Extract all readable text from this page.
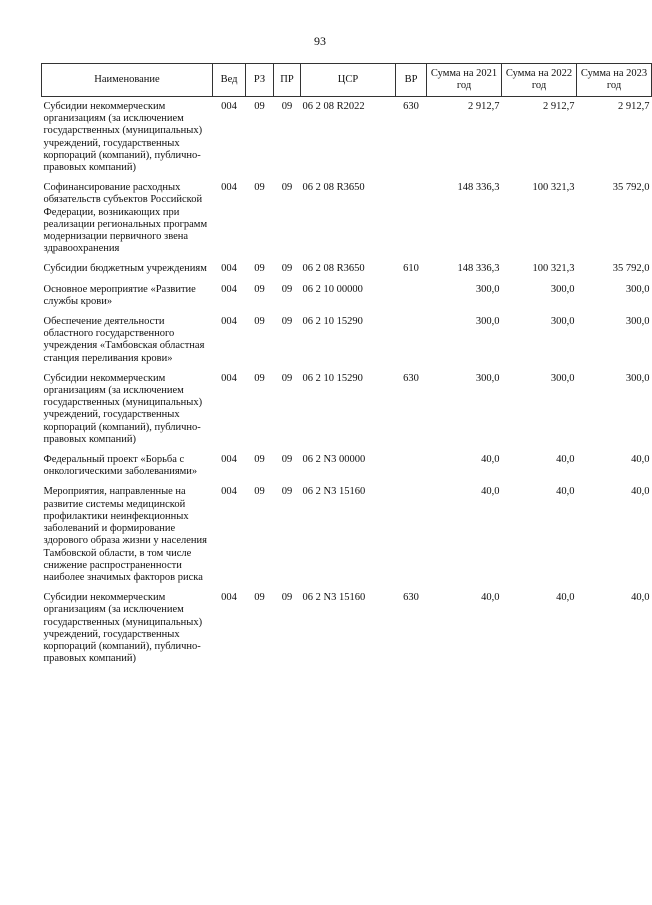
93
Наименование	Вед	РЗ	ПР	ЦСР	ВР	Сумма на 2021 год	Сумма на 2022 год	Сумма на 2023 год
Субсидии некоммерческим организациям (за исключением государственных (муниципальных) учреждений, государственных корпораций (компаний), публично-правовых компаний)	004	09	09	06 2 08 R2022	630	2 912,7	2 912,7	2 912,7
Софинансирование расходных обязательств субъектов Российской Федерации, возникающих при реализации региональных программ модернизации первичного звена здравоохранения	004	09	09	06 2 08 R3650		148 336,3	100 321,3	35 792,0
Субсидии бюджетным учреждениям	004	09	09	06 2 08 R3650	610	148 336,3	100 321,3	35 792,0
Основное мероприятие «Развитие службы крови»	004	09	09	06 2 10 00000		300,0	300,0	300,0
Обеспечение деятельности областного государственного учреждения «Тамбовская областная станция переливания крови»	004	09	09	06 2 10 15290		300,0	300,0	300,0
Субсидии некоммерческим организациям (за исключением государственных (муниципальных) учреждений, государственных корпораций (компаний), публично-правовых компаний)	004	09	09	06 2 10 15290	630	300,0	300,0	300,0
Федеральный проект «Борьба с онкологическими заболеваниями»	004	09	09	06 2 N3 00000		40,0	40,0	40,0
Мероприятия, направленные на развитие системы медицинской профилактики неинфекционных заболеваний и формирование здорового образа жизни у населения Тамбовской области, в том числе снижение распространенности наиболее значимых факторов риска	004	09	09	06 2 N3 15160		40,0	40,0	40,0
Субсидии некоммерческим организациям (за исключением государственных (муниципальных) учреждений, государственных корпораций (компаний), публично-правовых компаний)	004	09	09	06 2 N3 15160	630	40,0	40,0	40,0
